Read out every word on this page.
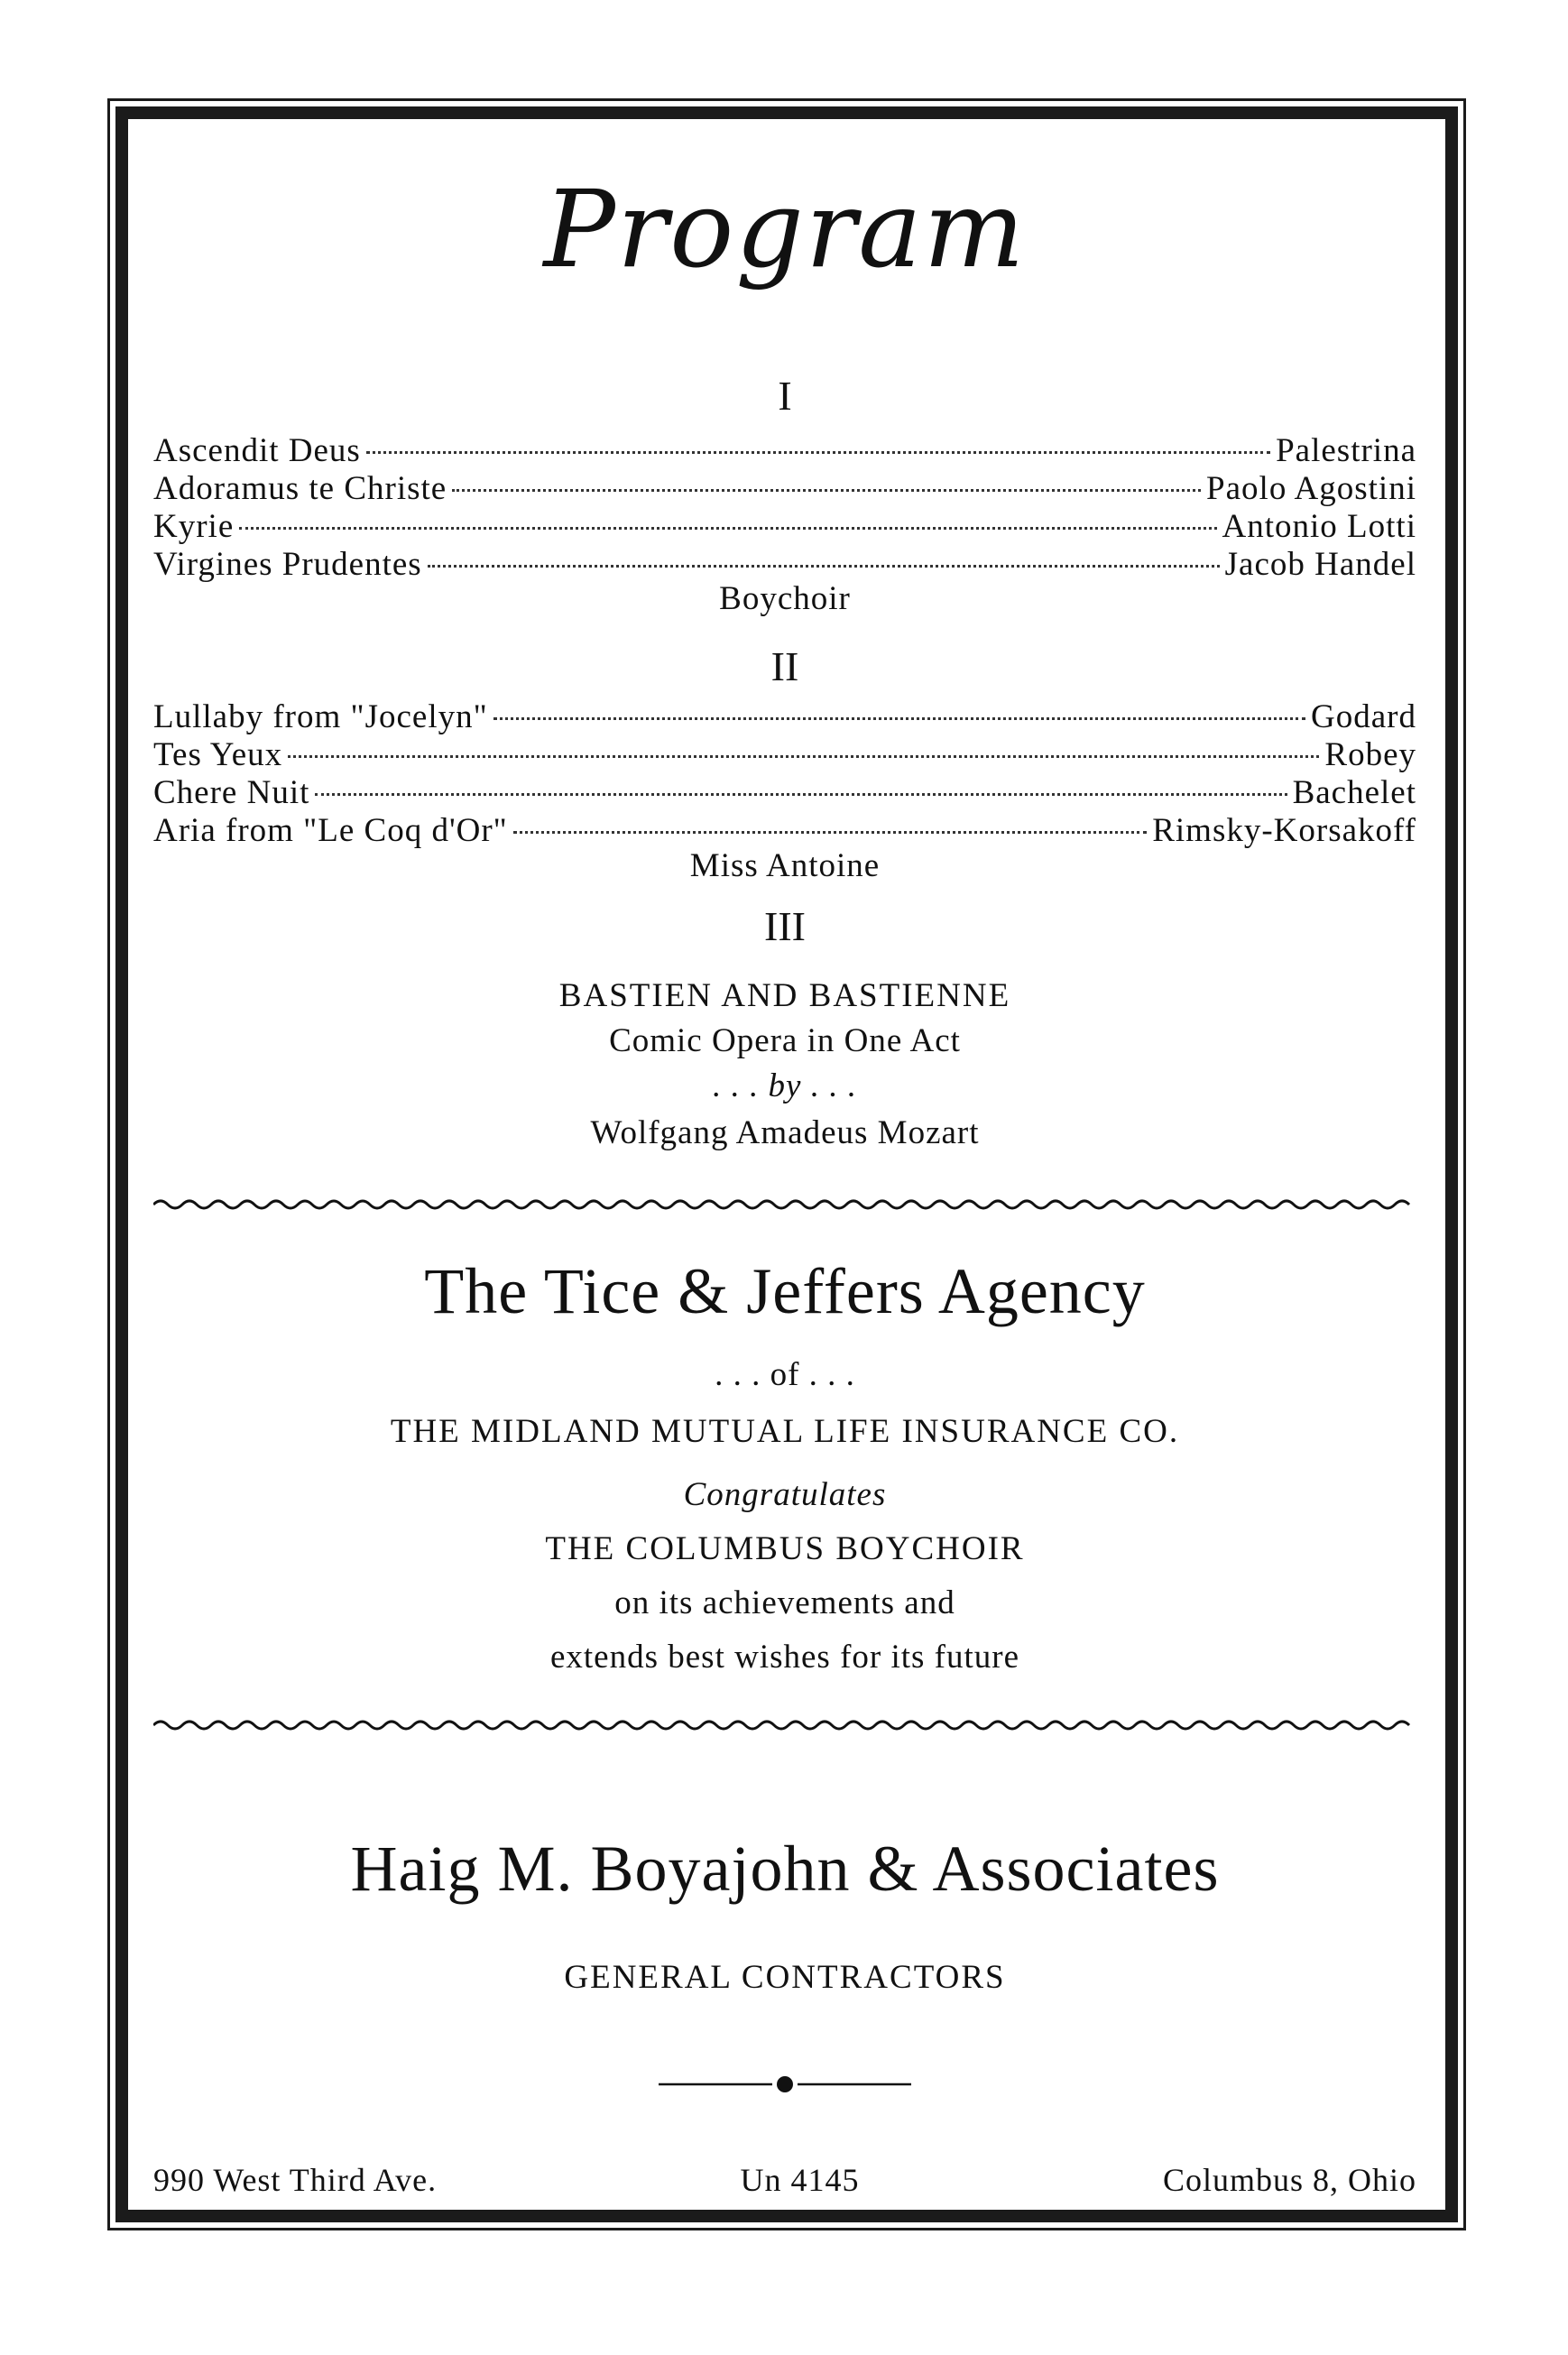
Program
I
Ascendit Deus	Palestrina
Adoramus te Christe	Paolo Agostini
Kyrie	Antonio Lotti
Virgines Prudentes	Jacob Handel
Boychoir
II
Lullaby from "Jocelyn"	Godard
Tes Yeux	Robey
Chere Nuit	Bachelet
Aria from "Le Coq d'Or"	Rimsky-Korsakoff
Miss Antoine
III
BASTIEN AND BASTIENNE
Comic Opera in One Act
. . . by . . .
Wolfgang Amadeus Mozart
The Tice & Jeffers Agency
. . . of . . .
THE MIDLAND MUTUAL LIFE INSURANCE CO.
Congratulates
THE COLUMBUS BOYCHOIR
on its achievements and
extends best wishes for its future
Haig M. Boyajohn & Associates
GENERAL CONTRACTORS
990 West Third Ave.	Un 4145	Columbus 8, Ohio
